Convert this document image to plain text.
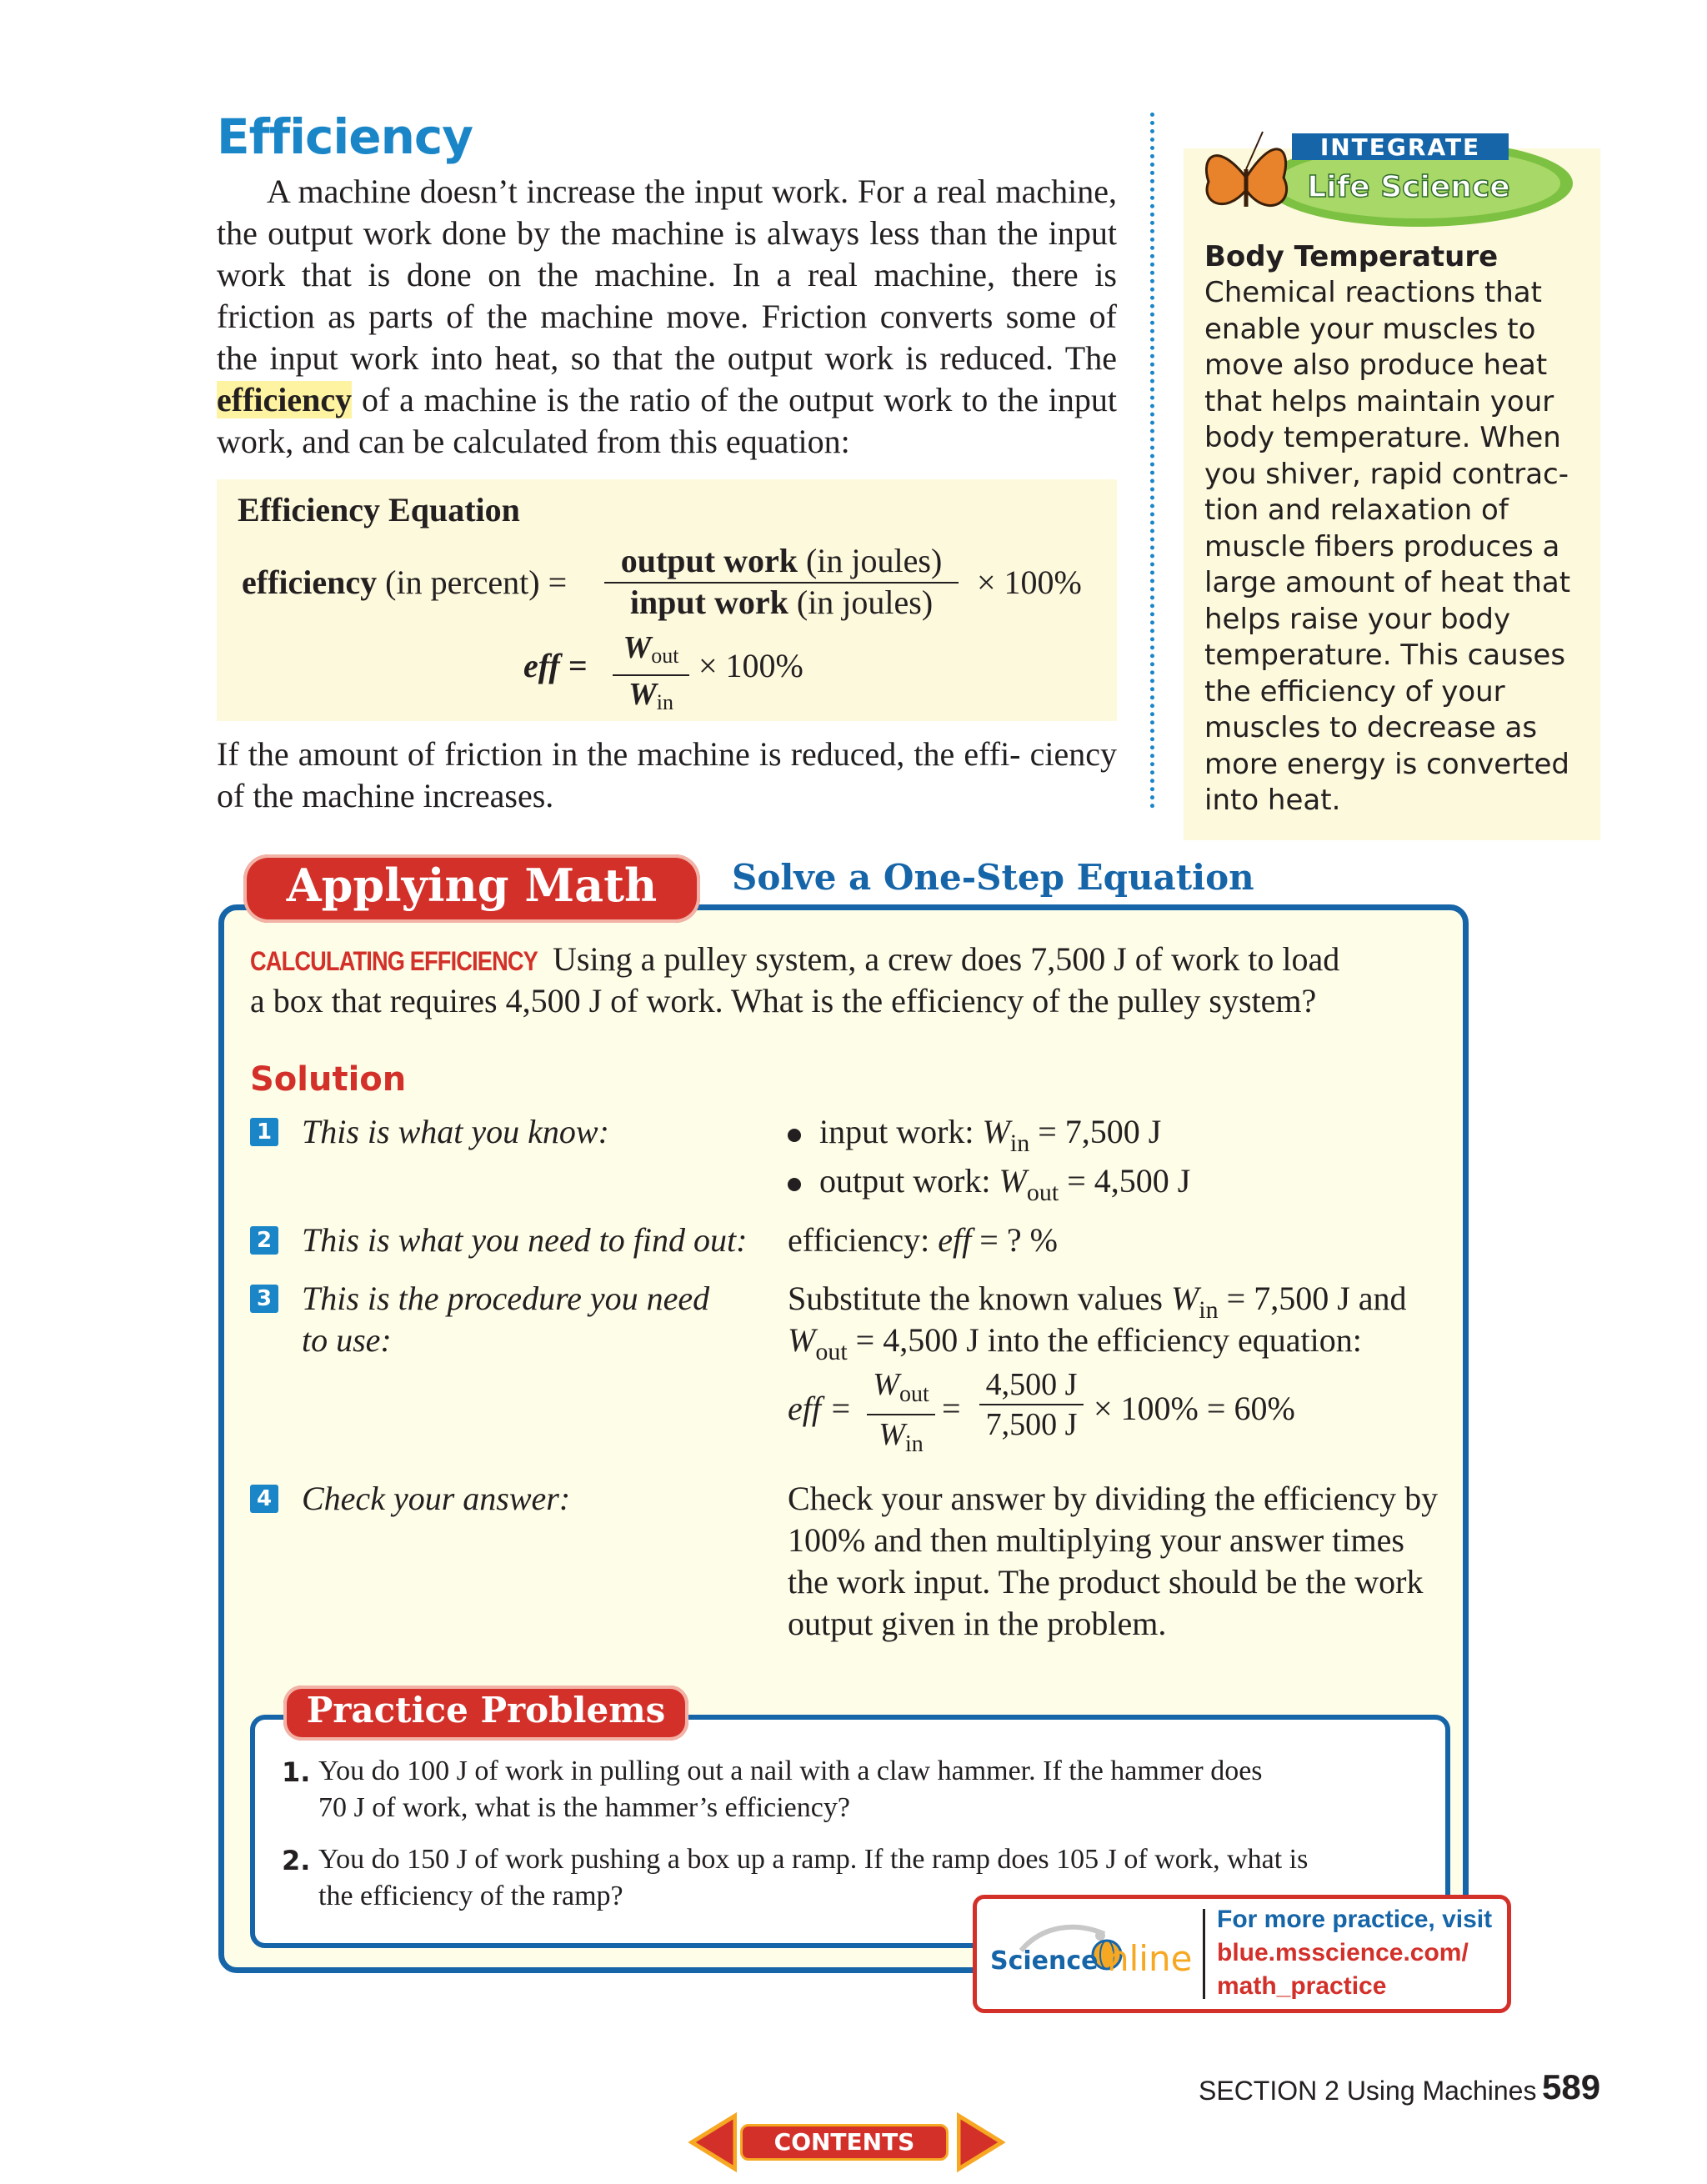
Efficiency
A machine doesn’t increase the input work. For a real machine, the output work done by the machine is always less than the input work that is done on the machine. In a real machine, there is friction as parts of the machine move. Friction converts some of the input work into heat, so that the output work is reduced. The efficiency of a machine is the ratio of the output work to the input work, and can be calculated from this equation:
Efficiency Equation
efficiency (in percent) =
output work (in joules)
input work (in joules)
× 100%
eff =	$W_{out}$
$W_{in}$
× 100%
If the amount of friction in the machine is reduced, the effi- ciency of the machine increases.
INTEGRATE
Life Science
Body Temperature
Chemical reactions that enable your muscles to move also produce heat that helps maintain your body temperature. When you shiver, rapid contrac- tion and relaxation of muscle fibers produces a large amount of heat that helps raise your body temperature. This causes the efficiency of your muscles to decrease as more energy is converted into heat.
Applying Math	Solve a One-Step Equation
CALCULATING EFFICIENCY Using a pulley system, a crew does 7,500 J of work to load
a box that requires 4,500 J of work. What is the efficiency of the pulley system?
Solution
1 This is what you know:	input work: $W_{in} = 7,500$ J
output work: $W_{out} = 4,500$ J
2 This is what you need to find out: efficiency: eff = ? %
3 This is the procedure you need
to use:
Substitute the known values $W_{in} = 7,500$ J and
$W_{out} = 4,500$ J into the efficiency equation:
eff =
$W_{out}$
$W_{in}$
= $\frac{4,500 J}{7,500 J} \times 100\% = 60\%$
4 Check your answer:	Check your answer by dividing the efficiency by 100% and then multiplying your answer times the work input. The product should be the work output given in the problem.
Practice Problems
1. You do 100 J of work in pulling out a nail with a claw hammer. If the hammer does
70 J of work, what is the hammer’s efficiency?
2. You do 150 J of work pushing a box up a ramp. If the ramp does 105 J of work, what is
the efficiency of the ramp?
Science nline
For more practice, visit
blue.msscience.com/
math_practice
SECTION 2 Using Machines 589
CONTENTS
